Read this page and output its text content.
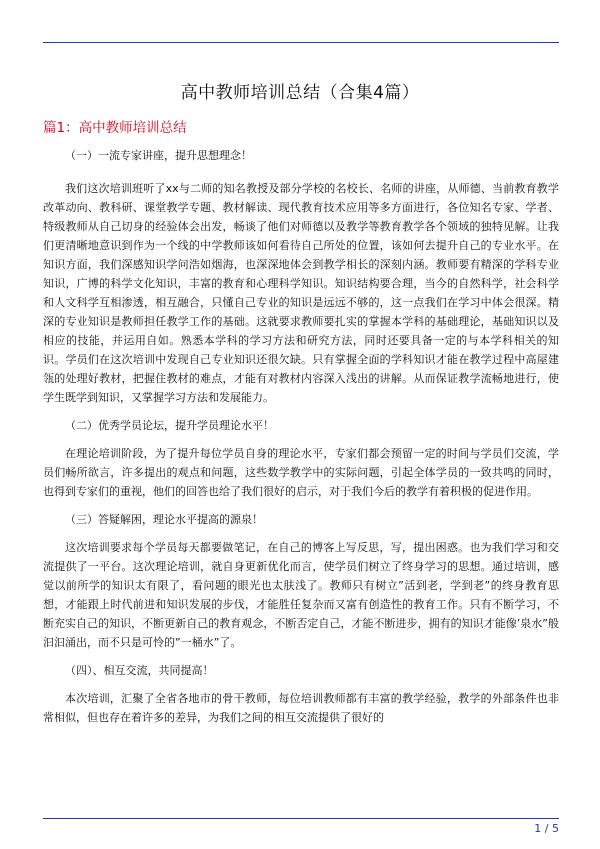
高中教师培训总结（合集4篇）
篇1：高中教师培训总结

（一）一流专家讲座，提升思想理念！

我们这次培训班听了xx与二师的知名教授及部分学校的名校长、名师的讲座，从师德、当前教育教学改革动向、教科研、课堂教学专题、教材解读、现代教育技术应用等多方面进行，各位知名专家、学者、特级教师从自己切身的经验体会出发，畅谈了他们对师德以及教学等教育教学各个领域的独特见解。让我们更清晰地意识到作为一个线的中学教师该如何看待自己所处的位置，该如何去提升自己的专业水平。在知识方面，我们深感知识学问浩如烟海，也深深地体会到教学相长的深刻内涵。教师要有精深的学科专业知识，广博的科学文化知识，丰富的教育和心理科学知识。知识结构要合理，当今的自然科学，社会科学和人文科学互相渗透，相互融合，只懂自己专业的知识是远远不够的，这一点我们在学习中体会很深。精深的专业知识是教师担任教学工作的基础。这就要求教师要扎实的掌握本学科的基础理论，基础知识以及相应的技能，并运用自如。熟悉本学科的学习方法和研究方法，同时还要具备一定的与本学科相关的知识。学员们在这次培训中发现自己专业知识还很欠缺。只有掌握全面的学科知识才能在教学过程中高屋建瓴的处理好教材，把握住教材的难点，才能有对教材内容深入浅出的讲解。从而保证教学流畅地进行，使学生既学到知识，又掌握学习方法和发展能力。

（二）优秀学员论坛，提升学员理论水平！

在理论培训阶段，为了提升每位学员自身的理论水平，专家们都会预留一定的时间与学员们交流，学员们畅所欲言，许多提出的观点和问题，这些数学教学中的实际问题，引起全体学员的一致共鸣的同时，也得到专家们的重视，他们的回答也给了我们很好的启示，对于我们今后的教学有着积极的促进作用。

（三）答疑解困，理论水平提高的源泉！

这次培训要求每个学员每天都要做笔记，在自己的博客上写反思，写，提出困惑。也为我们学习和交流提供了一平台。这次理论培训，就自身更新优化而言，使学员们树立了终身学习的思想。通过培训，感觉以前所学的知识太有限了，看问题的眼光也太肤浅了。教师只有树立”活到老，学到老”的终身教育思想，才能跟上时代前进和知识发展的步伐，才能胜任复杂而又富有创造性的教育工作。只有不断学习，不断充实自己的知识，不断更新自己的教育观念，不断否定自己，才能不断进步，拥有的知识才能像’泉水”般汩汩涌出，而不只是可怜的”一桶水”了。

（四）、相互交流，共同提高！

本次培训，汇聚了全省各地市的骨干教师，每位培训教师都有丰富的教学经验，教学的外部条件也非常相似，但也存在着许多的差异，为我们之间的相互交流提供了很好的

1 / 5
